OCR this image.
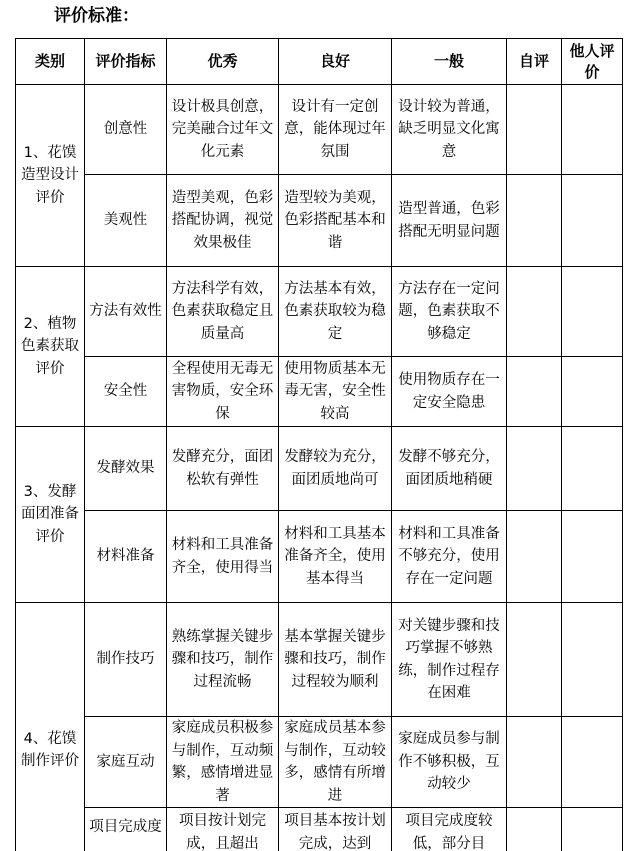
评价标准：
类别	评价指标	优秀	良好	一般	自评	他人评价
1、花馍造型设计评价	创意性	设计极具创意，完美融合过年文化元素	设计有一定创意，能体现过年氛围	设计较为普通，缺乏明显文化寓意		
	美观性	造型美观，色彩搭配协调，视觉效果极佳	造型较为美观，色彩搭配基本和谐	造型普通，色彩搭配无明显问题		
2、植物色素获取评价	方法有效性	方法科学有效，色素获取稳定且质量高	方法基本有效，色素获取较为稳定	方法存在一定问题，色素获取不够稳定		
	安全性	全程使用无毒无害物质，安全环保	使用物质基本无毒无害，安全性较高	使用物质存在一定安全隐患		
3、发酵面团准备评价	发酵效果	发酵充分，面团松软有弹性	发酵较为充分，面团质地尚可	发酵不够充分，面团质地稍硬		
	材料准备	材料和工具准备齐全，使用得当	材料和工具基本准备齐全，使用基本得当	材料和工具准备不够充分，使用存在一定问题		
4、花馍制作评价	制作技巧	熟练掌握关键步骤和技巧，制作过程流畅	基本掌握关键步骤和技巧，制作过程较为顺利	对关键步骤和技巧掌握不够熟练，制作过程存在困难		
	家庭互动	家庭成员积极参与制作，互动频繁，感情增进显著	家庭成员基本参与制作，互动较多，感情有所增进	家庭成员参与制作不够积极，互动较少		
	项目完成度	项目按计划完成，且超出	项目基本按计划完成，达到	项目完成度较低，部分目		
